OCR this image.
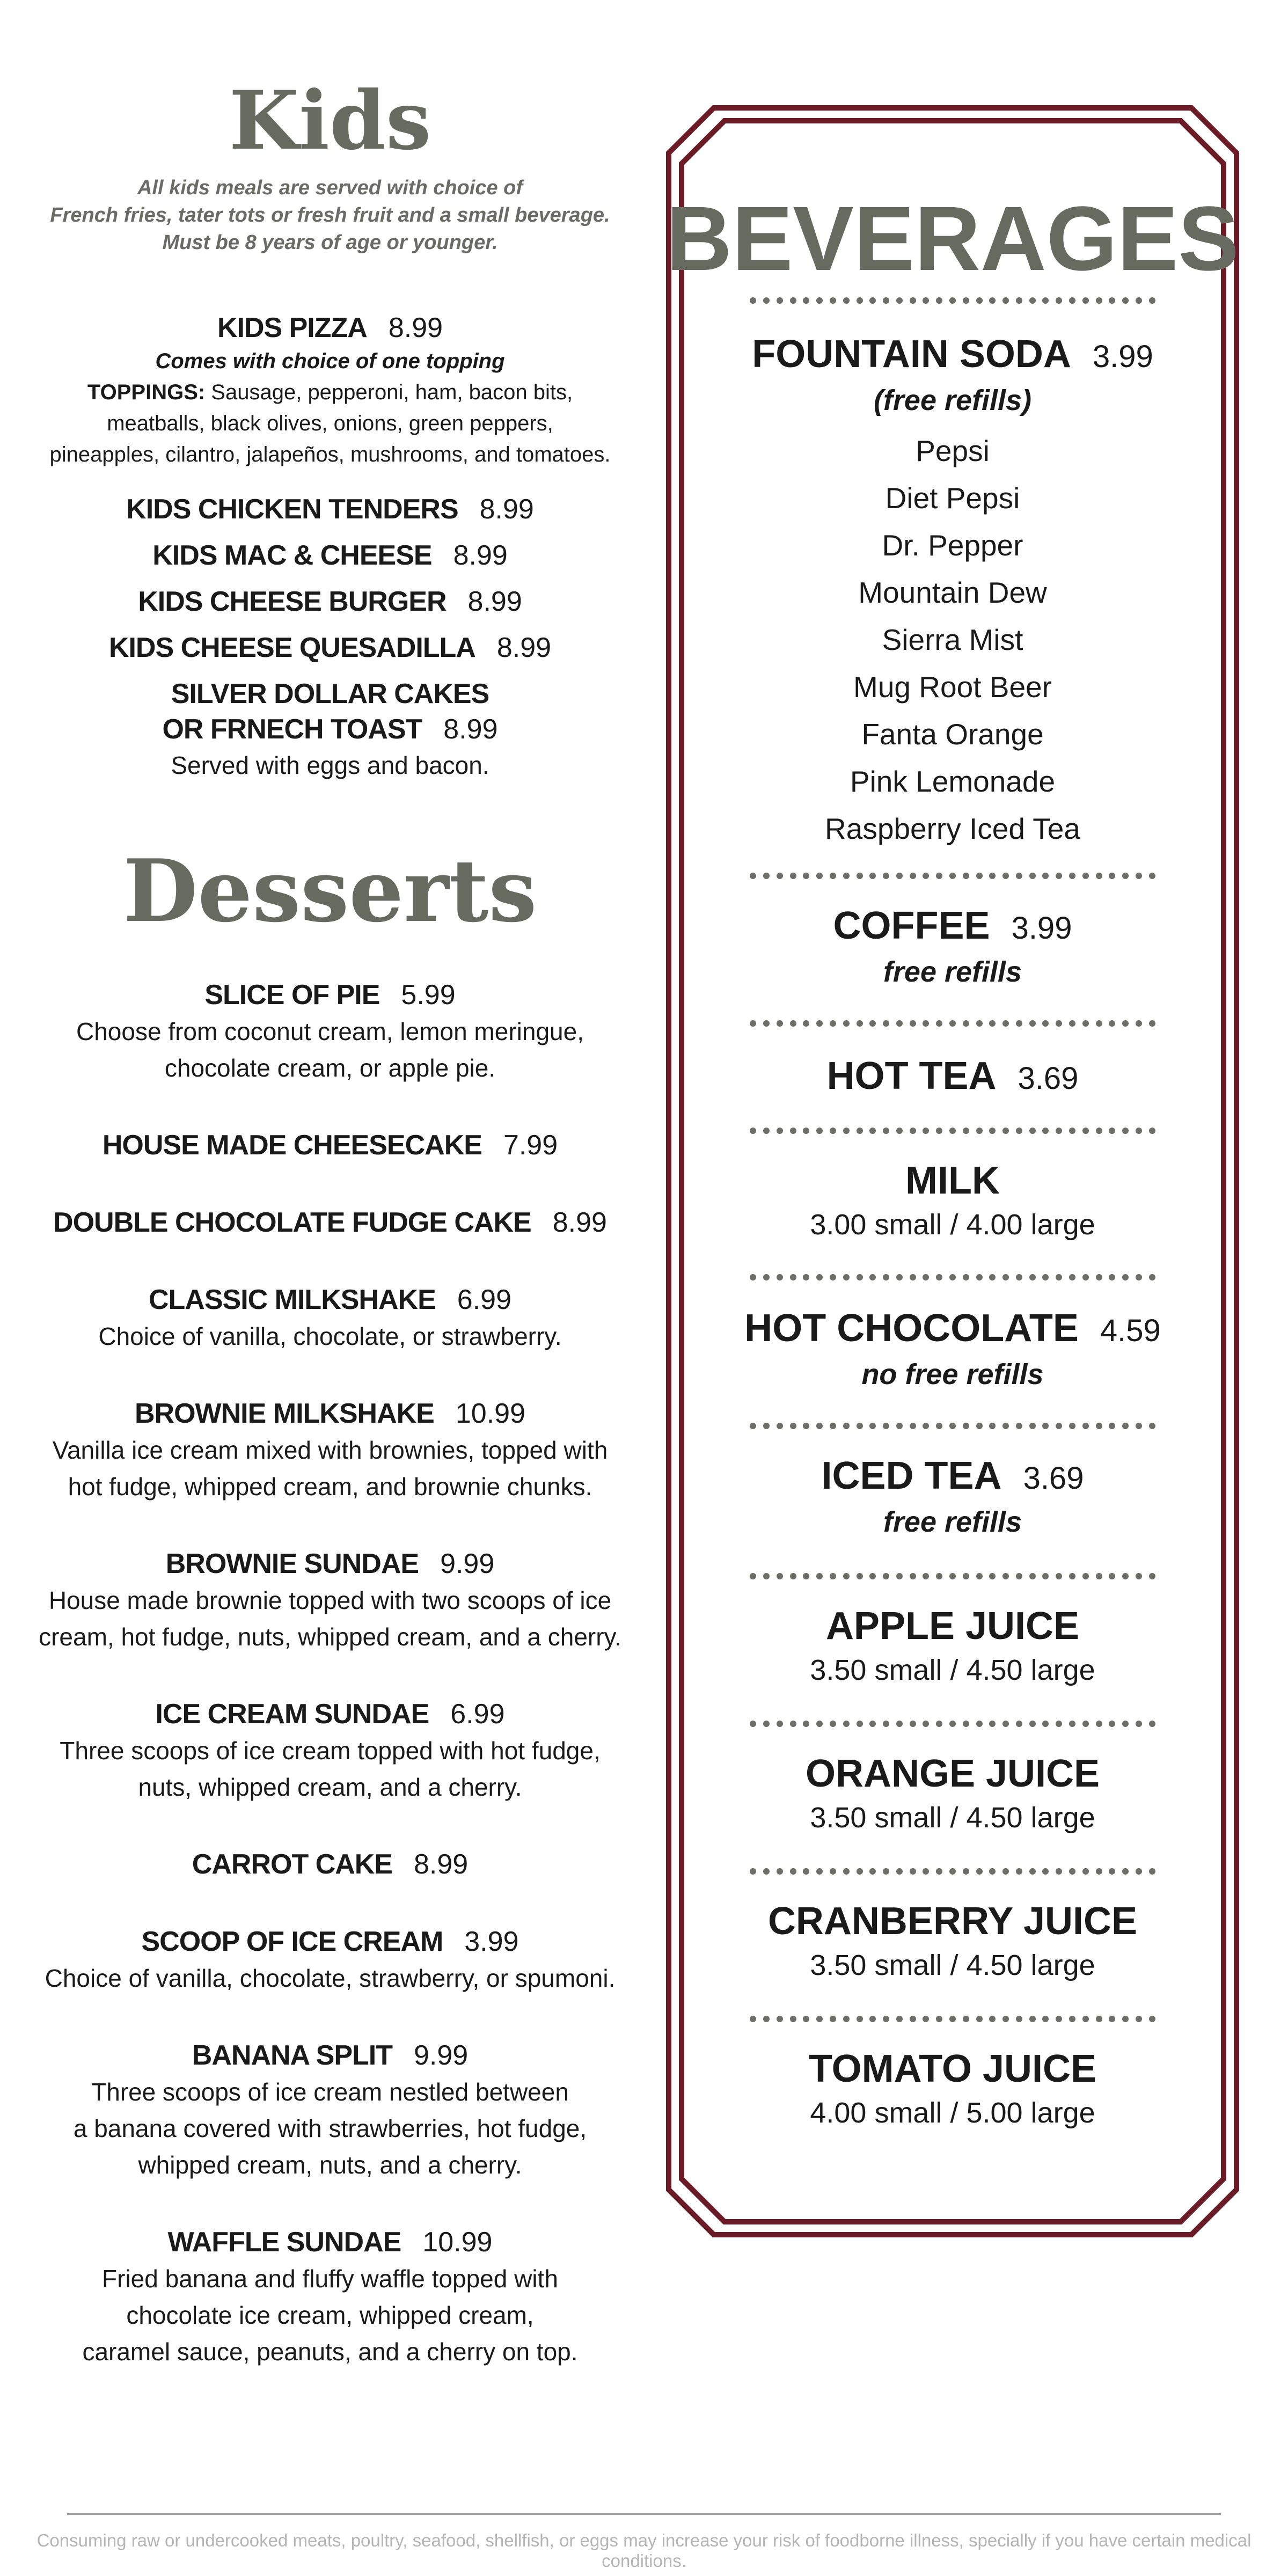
Kids
All kids meals are served with choice of
French fries, tater tots or fresh fruit and a small beverage.
Must be 8 years of age or younger.
KIDS PIZZA 8.99
Comes with choice of one topping
TOPPINGS: Sausage, pepperoni, ham, bacon bits,
meatballs, black olives, onions, green peppers,
pineapples, cilantro, jalapeños, mushrooms, and tomatoes.
KIDS CHICKEN TENDERS 8.99
KIDS MAC & CHEESE 8.99
KIDS CHEESE BURGER 8.99
KIDS CHEESE QUESADILLA 8.99
SILVER DOLLAR CAKES
OR FRNECH TOAST 8.99
Served with eggs and bacon.
Desserts
SLICE OF PIE 5.99
Choose from coconut cream, lemon meringue,
chocolate cream, or apple pie.
HOUSE MADE CHEESECAKE 7.99
DOUBLE CHOCOLATE FUDGE CAKE 8.99
CLASSIC MILKSHAKE 6.99
Choice of vanilla, chocolate, or strawberry.
BROWNIE MILKSHAKE 10.99
Vanilla ice cream mixed with brownies, topped with
hot fudge, whipped cream, and brownie chunks.
BROWNIE SUNDAE 9.99
House made brownie topped with two scoops of ice
cream, hot fudge, nuts, whipped cream, and a cherry.
ICE CREAM SUNDAE 6.99
Three scoops of ice cream topped with hot fudge,
nuts, whipped cream, and a cherry.
CARROT CAKE 8.99
SCOOP OF ICE CREAM 3.99
Choice of vanilla, chocolate, strawberry, or spumoni.
BANANA SPLIT 9.99
Three scoops of ice cream nestled between
a banana covered with strawberries, hot fudge,
whipped cream, nuts, and a cherry.
WAFFLE SUNDAE 10.99
Fried banana and fluffy waffle topped with
chocolate ice cream, whipped cream,
caramel sauce, peanuts, and a cherry on top.
BEVERAGES
FOUNTAIN SODA 3.99
(free refills)
Pepsi
Diet Pepsi
Dr. Pepper
Mountain Dew
Sierra Mist
Mug Root Beer
Fanta Orange
Pink Lemonade
Raspberry Iced Tea
COFFEE 3.99
free refills
HOT TEA 3.69
MILK
3.00 small / 4.00 large
HOT CHOCOLATE 4.59
no free refills
ICED TEA 3.69
free refills
APPLE JUICE
3.50 small / 4.50 large
ORANGE JUICE
3.50 small / 4.50 large
CRANBERRY JUICE
3.50 small / 4.50 large
TOMATO JUICE
4.00 small / 5.00 large
Consuming raw or undercooked meats, poultry, seafood, shellfish, or eggs may increase your risk of foodborne illness, specially if you have certain medical conditions.
